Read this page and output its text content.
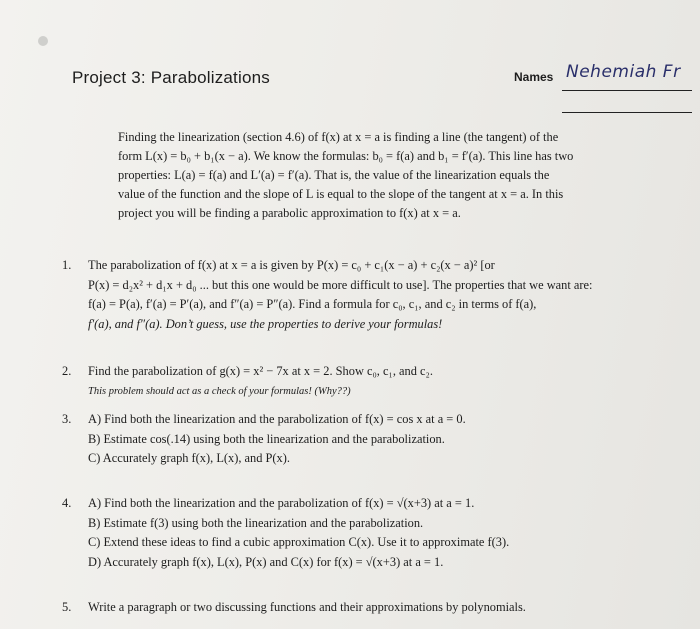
Project 3: Parabolizations	Names Nehemiah Fr
Finding the linearization (section 4.6) of f(x) at x = a is finding a line (the tangent) of the
form L(x) = b₀ + b₁(x − a). We know the formulas: b₀ = f(a) and b₁ = f′(a). This line has two
properties: L(a) = f(a) and L′(a) = f′(a). That is, the value of the linearization equals the
value of the function and the slope of L is equal to the slope of the tangent at x = a. In this
project you will be finding a parabolic approximation to f(x) at x = a.
1. The parabolization of f(x) at x = a is given by P(x) = c₀ + c₁(x − a) + c₂(x − a)² [or
P(x) = d₂x² + d₁x + d₀ ... but this one would be more difficult to use]. The properties that we want are:
f(a) = P(a), f′(a) = P′(a), and f″(a) = P″(a). Find a formula for c₀, c₁, and c₂ in terms of f(a),
f′(a), and f″(a). Don’t guess, use the properties to derive your formulas!
2. Find the parabolization of g(x) = x² − 7x at x = 2. Show c₀, c₁, and c₂.
This problem should act as a check of your formulas! (Why??)
3. A) Find both the linearization and the parabolization of f(x) = cos x at a = 0.
B) Estimate cos(.14) using both the linearization and the parabolization.
C) Accurately graph f(x), L(x), and P(x).
4. A) Find both the linearization and the parabolization of f(x) = √(x+3) at a = 1.
B) Estimate f(3) using both the linearization and the parabolization.
C) Extend these ideas to find a cubic approximation C(x). Use it to approximate f(3).
D) Accurately graph f(x), L(x), P(x) and C(x) for f(x) = √(x+3) at a = 1.
5. Write a paragraph or two discussing functions and their approximations by polynomials.
